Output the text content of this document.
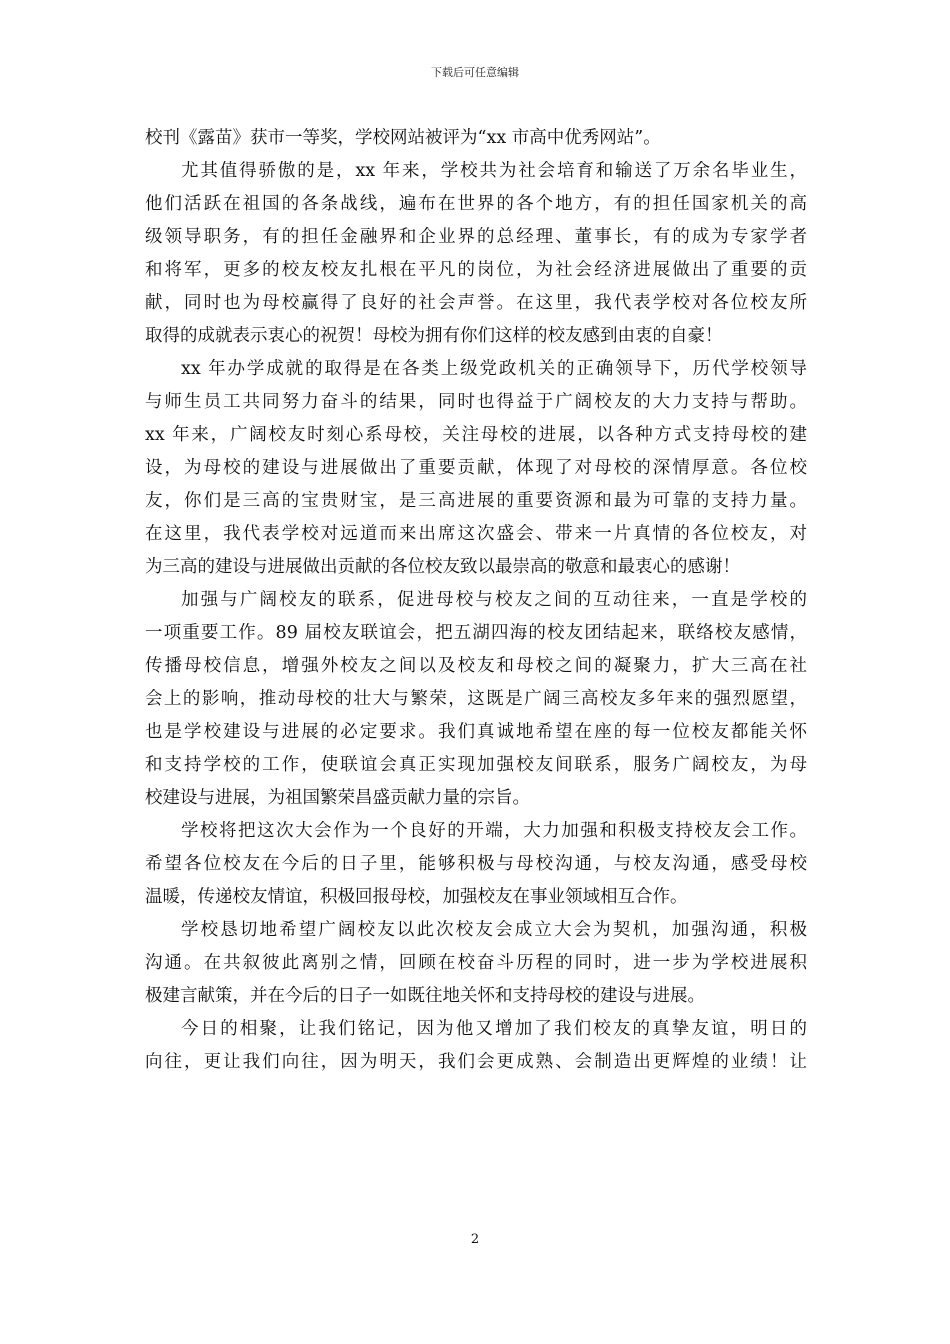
下载后可任意编辑

校刊《露苗》获市一等奖，学校网站被评为“xx 市高中优秀网站”。

尤其值得骄傲的是，xx 年来，学校共为社会培育和输送了万余名毕业生，
他们活跃在祖国的各条战线，遍布在世界的各个地方，有的担任国家机关的高
级领导职务，有的担任金融界和企业界的总经理、董事长，有的成为专家学者
和将军，更多的校友校友扎根在平凡的岗位，为社会经济进展做出了重要的贡
献，同时也为母校赢得了良好的社会声誉。在这里，我代表学校对各位校友所
取得的成就表示衷心的祝贺！母校为拥有你们这样的校友感到由衷的自豪！

xx 年办学成就的取得是在各类上级党政机关的正确领导下，历代学校领导
与师生员工共同努力奋斗的结果，同时也得益于广阔校友的大力支持与帮助。
xx 年来，广阔校友时刻心系母校，关注母校的进展，以各种方式支持母校的建
设，为母校的建设与进展做出了重要贡献，体现了对母校的深情厚意。各位校
友，你们是三高的宝贵财宝，是三高进展的重要资源和最为可靠的支持力量。
在这里，我代表学校对远道而来出席这次盛会、带来一片真情的各位校友，对
为三高的建设与进展做出贡献的各位校友致以最崇高的敬意和最衷心的感谢！

加强与广阔校友的联系，促进母校与校友之间的互动往来，一直是学校的
一项重要工作。89 届校友联谊会，把五湖四海的校友团结起来，联络校友感情，
传播母校信息，增强外校友之间以及校友和母校之间的凝聚力，扩大三高在社
会上的影响，推动母校的壮大与繁荣，这既是广阔三高校友多年来的强烈愿望，
也是学校建设与进展的必定要求。我们真诚地希望在座的每一位校友都能关怀
和支持学校的工作，使联谊会真正实现加强校友间联系，服务广阔校友，为母
校建设与进展，为祖国繁荣昌盛贡献力量的宗旨。

学校将把这次大会作为一个良好的开端，大力加强和积极支持校友会工作。
希望各位校友在今后的日子里，能够积极与母校沟通，与校友沟通，感受母校
温暖，传递校友情谊，积极回报母校，加强校友在事业领域相互合作。

学校恳切地希望广阔校友以此次校友会成立大会为契机，加强沟通，积极
沟通。在共叙彼此离别之情，回顾在校奋斗历程的同时，进一步为学校进展积
极建言献策，并在今后的日子一如既往地关怀和支持母校的建设与进展。

今日的相聚，让我们铭记，因为他又增加了我们校友的真挚友谊，明日的
向往，更让我们向往，因为明天，我们会更成熟、会制造出更辉煌的业绩！让

2
